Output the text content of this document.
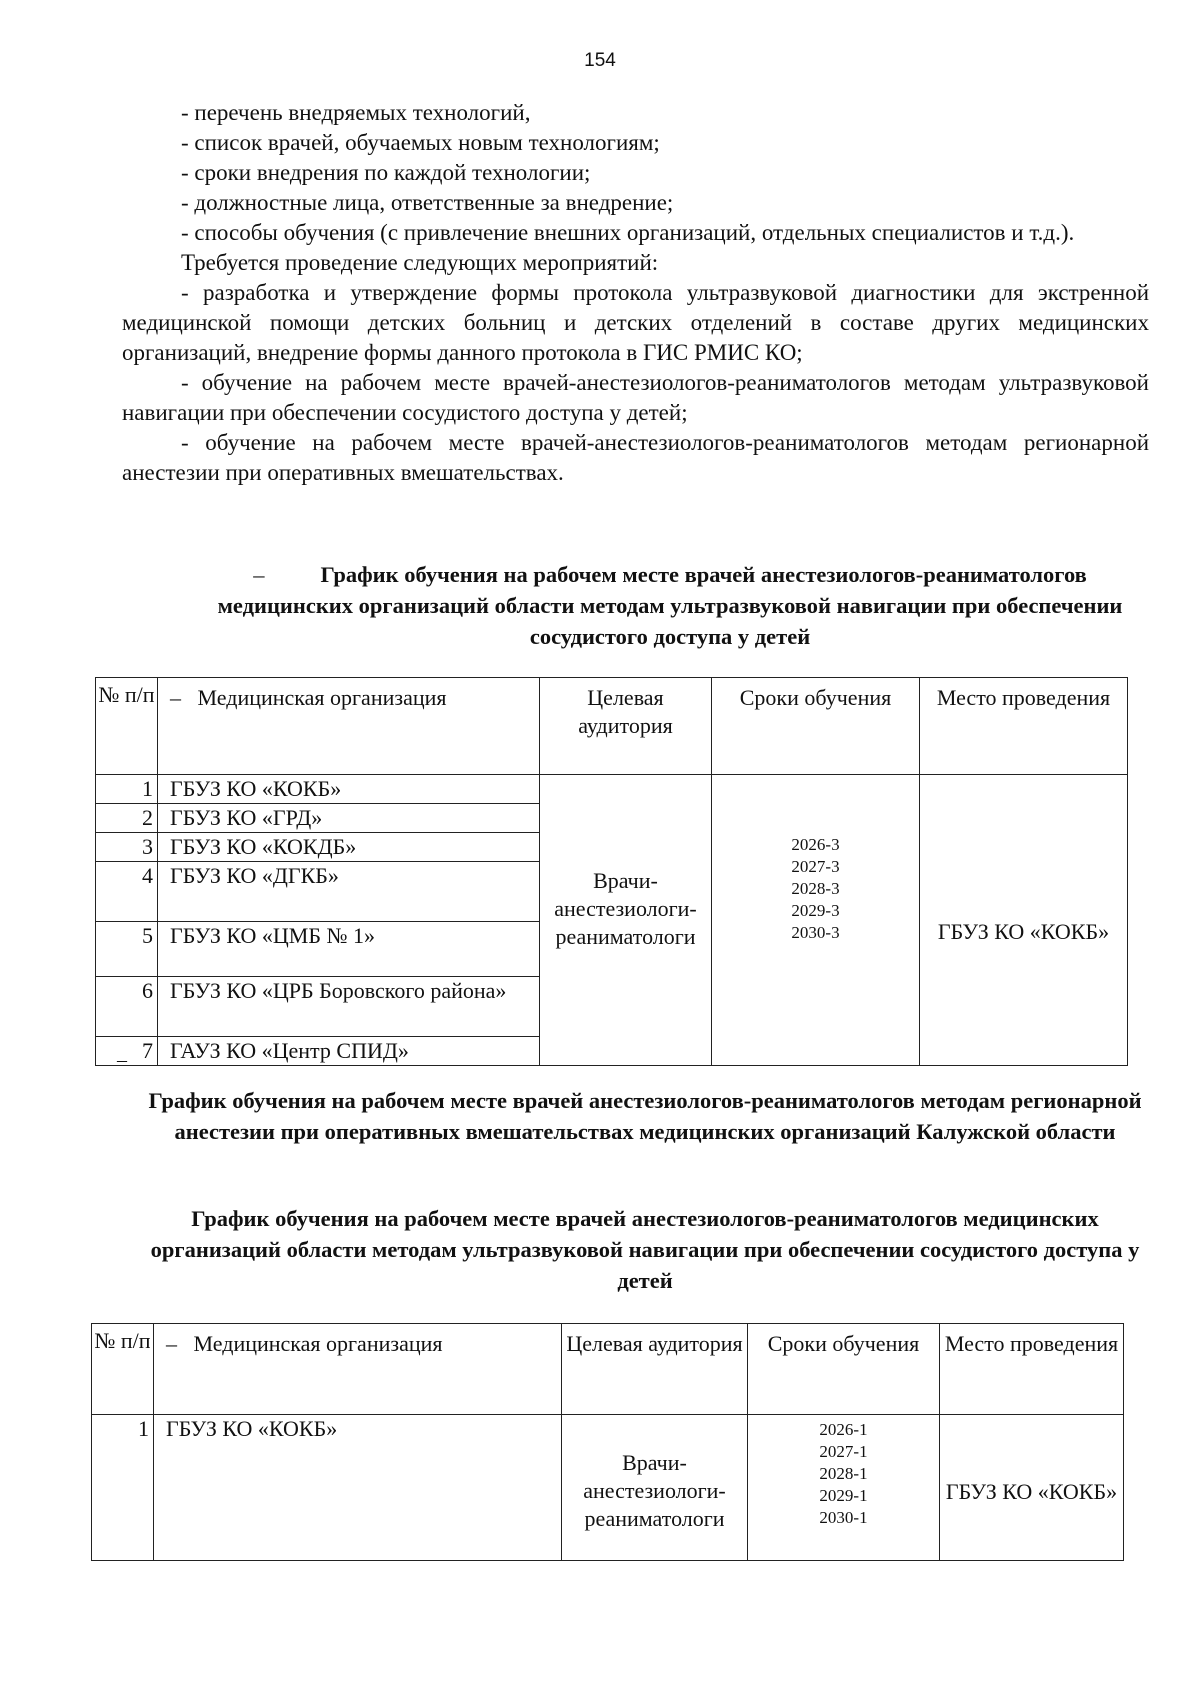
154

- перечень внедряемых технологий,

- список врачей, обучаемых новым технологиям;

- сроки внедрения по каждой технологии;

- должностные лица, ответственные за внедрение;

- способы обучения (с привлечение внешних организаций, отдельных специалистов и т.д.).

Требуется проведение следующих мероприятий:

- разработка и утверждение формы протокола ультразвуковой диагностики для экстренной медицинской помощи детских больниц и детских отделений в составе других медицинских организаций, внедрение формы данного протокола в ГИС РМИС КО;

- обучение на рабочем месте врачей-анестезиологов-реаниматологов методам ультразвуковой навигации при обеспечении сосудистого доступа у детей;

- обучение на рабочем месте врачей-анестезиологов-реаниматологов методам регионарной анестезии при оперативных вмешательствах.

– График обучения на рабочем месте врачей анестезиологов-реаниматологов медицинских организаций области методам ультразвуковой навигации при обеспечении сосудистого доступа у детей
№ п/п	– Медицинская организация	Целевая аудитория	Сроки обучения	Место проведения
1	ГБУЗ КО «КОКБ»	Врачи-анестезиологи-реаниматологи	2026-3
2027-3
2028-3
2029-3
2030-3	ГБУЗ КО «КОКБ»
2	ГБУЗ КО «ГРД»			
3	ГБУЗ КО «КОКДБ»			
4	ГБУЗ КО «ДГКБ»			
5	ГБУЗ КО «ЦМБ № 1»			
6	ГБУЗ КО «ЦРБ Боровского района»			
7	ГАУЗ КО «Центр СПИД»			
–
График обучения на рабочем месте врачей анестезиологов-реаниматологов методам регионарной анестезии при оперативных вмешательствах медицинских организаций Калужской области
График обучения на рабочем месте врачей анестезиологов-реаниматологов медицинских организаций области методам ультразвуковой навигации при обеспечении сосудистого доступа у детей
№ п/п	– Медицинская организация	Целевая аудитория	Сроки обучения	Место проведения
1	ГБУЗ КО «КОКБ»	Врачи-анестезиологи-реаниматологи	2026-1
2027-1
2028-1
2029-1
2030-1	ГБУЗ КО «КОКБ»
